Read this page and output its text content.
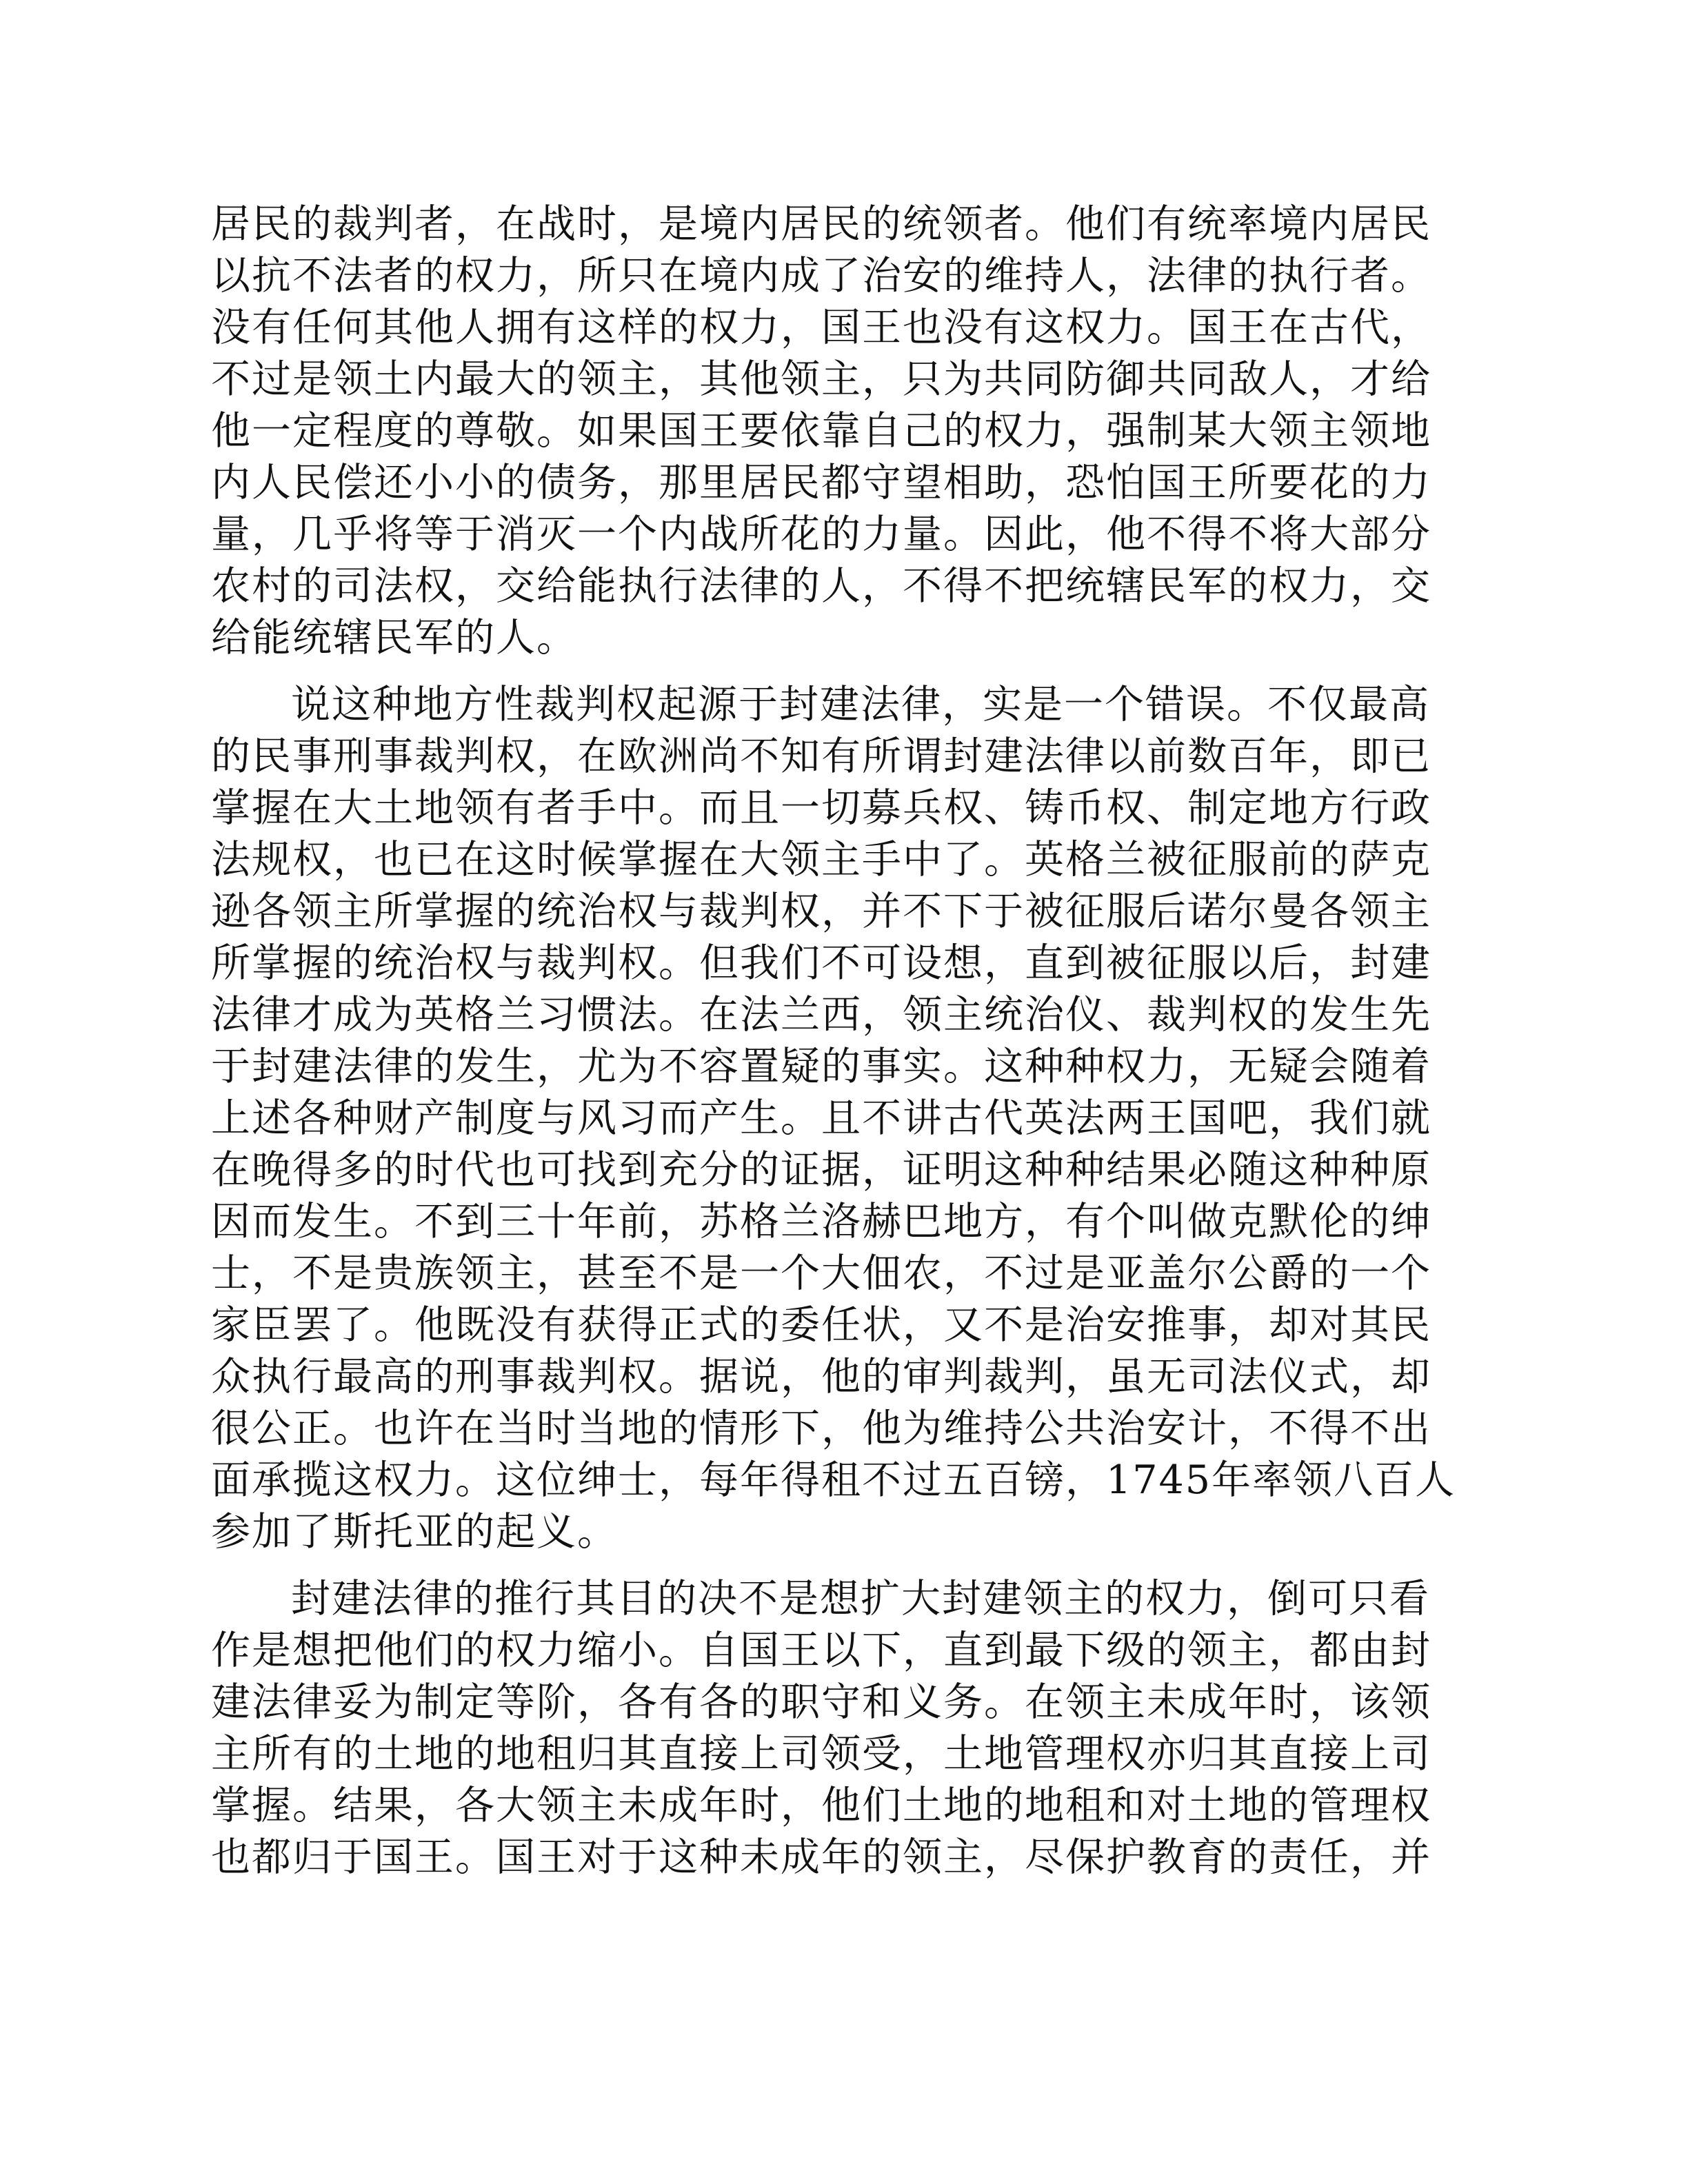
居民的裁判者，在战时，是境内居民的统领者。他们有统率境内居民
以抗不法者的权力，所只在境内成了治安的维持人，法律的执行者。
没有任何其他人拥有这样的权力，国王也没有这权力。国王在古代，
不过是领土内最大的领主，其他领主，只为共同防御共同敌人，才给
他一定程度的尊敬。如果国王要依靠自己的权力，强制某大领主领地
内人民偿还小小的债务，那里居民都守望相助，恐怕国王所要花的力
量，几乎将等于消灭一个内战所花的力量。因此，他不得不将大部分
农村的司法权，交给能执行法律的人，不得不把统辖民军的权力，交
给能统辖民军的人。
说这种地方性裁判权起源于封建法律，实是一个错误。不仅最高
的民事刑事裁判权，在欧洲尚不知有所谓封建法律以前数百年，即已
掌握在大土地领有者手中。而且一切募兵权、铸币权、制定地方行政
法规权，也已在这时候掌握在大领主手中了。英格兰被征服前的萨克
逊各领主所掌握的统治权与裁判权，并不下于被征服后诺尔曼各领主
所掌握的统治权与裁判权。但我们不可设想，直到被征服以后，封建
法律才成为英格兰习惯法。在法兰西，领主统治仪、裁判权的发生先
于封建法律的发生，尤为不容置疑的事实。这种种权力，无疑会随着
上述各种财产制度与风习而产生。且不讲古代英法两王国吧，我们就
在晚得多的时代也可找到充分的证据，证明这种种结果必随这种种原
因而发生。不到三十年前，苏格兰洛赫巴地方，有个叫做克默伦的绅
士，不是贵族领主，甚至不是一个大佃农，不过是亚盖尔公爵的一个
家臣罢了。他既没有获得正式的委任状，又不是治安推事，却对其民
众执行最高的刑事裁判权。据说，他的审判裁判，虽无司法仪式，却
很公正。也许在当时当地的情形下，他为维持公共治安计，不得不出
面承揽这权力。这位绅士，每年得租不过五百镑，1745年率领八百人
参加了斯托亚的起义。
封建法律的推行其目的决不是想扩大封建领主的权力，倒可只看
作是想把他们的权力缩小。自国王以下，直到最下级的领主，都由封
建法律妥为制定等阶，各有各的职守和义务。在领主未成年时，该领
主所有的土地的地租归其直接上司领受，土地管理权亦归其直接上司
掌握。结果，各大领主未成年时，他们土地的地租和对土地的管理权
也都归于国王。国王对于这种未成年的领主，尽保护教育的责任，并
